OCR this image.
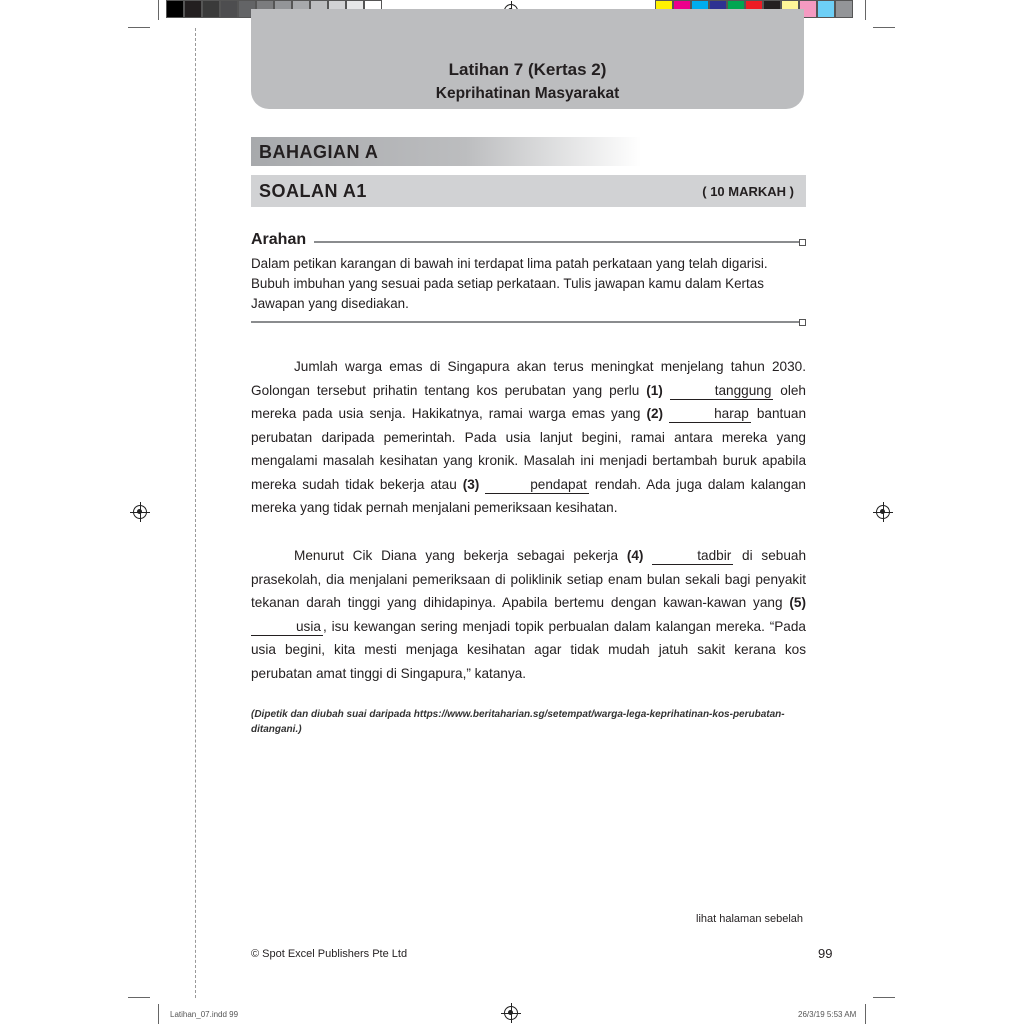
Latihan 7 (Kertas 2)
Keprihatinan Masyarakat
BAHAGIAN A
SOALAN A1	( 10 MARKAH )
Arahan
Dalam petikan karangan di bawah ini terdapat lima patah perkataan yang telah digarisi. Bubuh imbuhan yang sesuai pada setiap perkataan. Tulis jawapan kamu dalam Kertas Jawapan yang disediakan.

Jumlah warga emas di Singapura akan terus meningkat menjelang tahun 2030. Golongan tersebut prihatin tentang kos perubatan yang perlu (1)	tanggung oleh mereka pada usia senja. Hakikatnya, ramai warga emas yang (2)	harap bantuan perubatan daripada pemerintah. Pada usia lanjut begini, ramai antara mereka yang mengalami masalah kesihatan yang kronik. Masalah ini menjadi bertambah buruk apabila mereka sudah tidak bekerja atau (3)	pendapat rendah. Ada juga dalam kalangan mereka yang tidak pernah menjalani pemeriksaan kesihatan.

Menurut Cik Diana yang bekerja sebagai pekerja (4)	tadbir di sebuah prasekolah, dia menjalani pemeriksaan di poliklinik setiap enam bulan sekali bagi penyakit tekanan darah tinggi yang dihidapinya. Apabila bertemu dengan kawan-kawan yang (5) usia , isu kewangan sering menjadi topik perbualan dalam kalangan mereka. “Pada usia begini, kita mesti menjaga kesihatan agar tidak mudah jatuh sakit kerana kos perubatan amat tinggi di Singapura,” katanya.

(Dipetik dan diubah suai daripada https://www.beritaharian.sg/setempat/warga-lega-keprihatinan-kos-perubatan-ditangani.)
lihat halaman sebelah
© Spot Excel Publishers Pte Ltd	99
Latihan_07.indd 99	26/3/19 5:53 AM
